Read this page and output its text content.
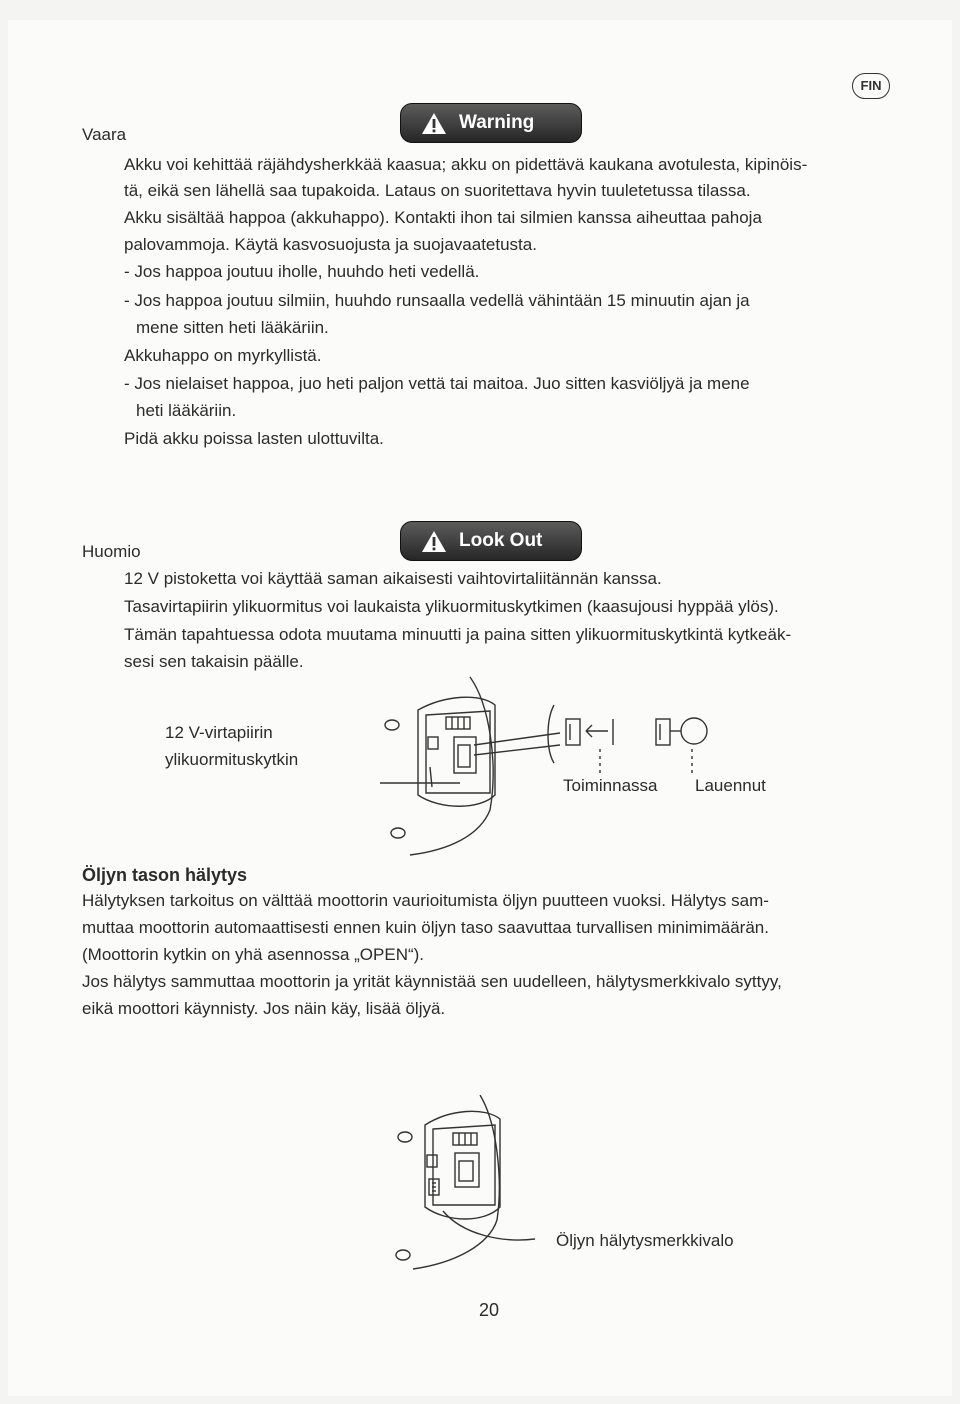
FIN
Vaara
Warning
Akku voi kehittää räjähdysherkkää kaasua; akku on pidettävä kaukana avotulesta, kipinöis-
tä, eikä sen lähellä saa tupakoida. Lataus on suoritettava hyvin tuuletetussa tilassa.
Akku sisältää happoa (akkuhappo). Kontakti ihon tai silmien kanssa aiheuttaa pahoja
palovammoja. Käytä kasvosuojusta ja suojavaatetusta.
- Jos happoa joutuu iholle, huuhdo heti vedellä.
- Jos happoa joutuu silmiin, huuhdo runsaalla vedellä vähintään 15 minuutin ajan ja
mene sitten heti lääkäriin.
Akkuhappo on myrkyllistä.
- Jos nielaiset happoa, juo heti paljon vettä tai maitoa. Juo sitten kasviöljyä ja mene
heti lääkäriin.
Pidä akku poissa lasten ulottuvilta.
Huomio
Look Out
12 V pistoketta voi käyttää saman aikaisesti vaihtovirtaliitännän kanssa.
Tasavirtapiirin ylikuormitus voi laukaista ylikuormituskytkimen (kaasujousi hyppää ylös).
Tämän tapahtuessa odota muutama minuutti ja paina sitten ylikuormituskytkintä kytkeäk-
sesi sen takaisin päälle.
12 V-virtapiirin
ylikuormituskytkin
Toiminnassa Lauennut
Öljyn tason hälytys
Hälytyksen tarkoitus on välttää moottorin vaurioitumista öljyn puutteen vuoksi. Hälytys sam-
muttaa moottorin automaattisesti ennen kuin öljyn taso saavuttaa turvallisen minimimäärän.
(Moottorin kytkin on yhä asennossa „OPEN“).
Jos hälytys sammuttaa moottorin ja yrität käynnistää sen uudelleen, hälytysmerkkivalo syttyy,
eikä moottori käynnisty. Jos näin käy, lisää öljyä.
Öljyn hälytysmerkkivalo
20
